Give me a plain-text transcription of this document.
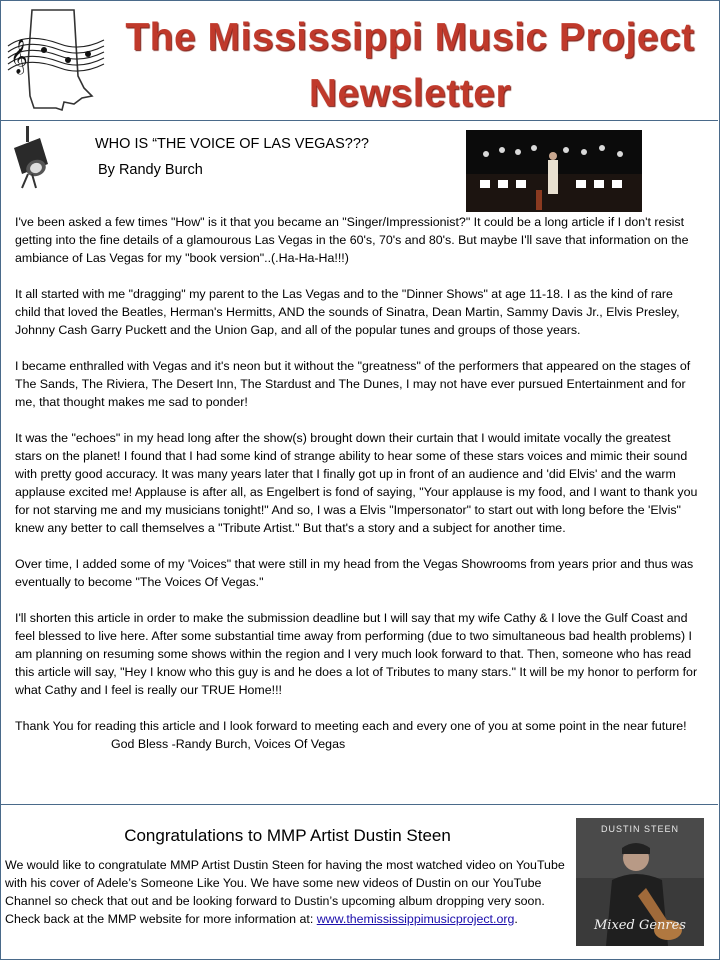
𝄞	The Mississippi Music Project
Newsletter
WHO IS “THE VOICE OF LAS VEGAS???
By Randy Burch

I've been asked a few times "How" is it that you became an "Singer/Impressionist?" It could be a long article if I don't resist getting into the fine details of a glamourous Las Vegas in the 60's, 70's and 80's. But maybe I'll save that information on the ambiance of Las Vegas for my "book version"..(.Ha-Ha-Ha!!!)

It all started with me "dragging" my parent to the Las Vegas and to the "Dinner Shows" at age 11-18. I as the kind of rare child that loved the Beatles, Herman's Hermitts, AND the sounds of Sinatra, Dean Martin, Sammy Davis Jr., Elvis Presley, Johnny Cash Garry Puckett and the Union Gap, and all of the popular tunes and groups of those years.

I became enthralled with Vegas and it's neon but it without the "greatness" of the performers that appeared on the stages of The Sands, The Riviera, The Desert Inn, The Stardust and The Dunes, I may not have ever pursued Entertainment and for me, that thought makes me sad to ponder!

It was the "echoes" in my head long after the show(s) brought down their curtain that I would imitate vocally the greatest stars on the planet! I found that I had some kind of strange ability to hear some of these stars voices and mimic their sound with pretty good accuracy. It was many years later that I finally got up in front of an audience and 'did Elvis' and the warm applause excited me! Applause is after all, as Engelbert is fond of saying, "Your applause is my food, and I want to thank you for not starving me and my musicians tonight!" And so, I was a Elvis "Impersonator" to start out with long before the 'Elvis" knew any better to call themselves a "Tribute Artist." But that's a story and a subject for another time.

Over time, I added some of my 'Voices" that were still in my head from the Vegas Showrooms from years prior and thus was eventually to become "The Voices Of Vegas."

I'll shorten this article in order to make the submission deadline but I will say that my wife Cathy & I love the Gulf Coast and feel blessed to live here. After some substantial time away from performing (due to two simultaneous bad health problems) I am planning on resuming some shows within the region and I very much look forward to that. Then, someone who has read this article will say, "Hey I know who this guy is and he does a lot of Tributes to many stars." It will be my honor to perform for what Cathy and I feel is really our TRUE Home!!!

Thank You for reading this article and I look forward to meeting each and every one of you at some point in the near future!

God Bless -Randy Burch, Voices Of Vegas

Congratulations to MMP Artist Dustin Steen
We would like to congratulate MMP Artist Dustin Steen for having the most watched video on YouTube with his cover of Adele’s Someone Like You. We have some new videos of Dustin on our YouTube Channel so check that out and be looking forward to Dustin’s upcoming album dropping very soon. Check back at the MMP website for more information at: www.themississippimusicproject.org.
DUSTIN STEEN
Mixed Genres
